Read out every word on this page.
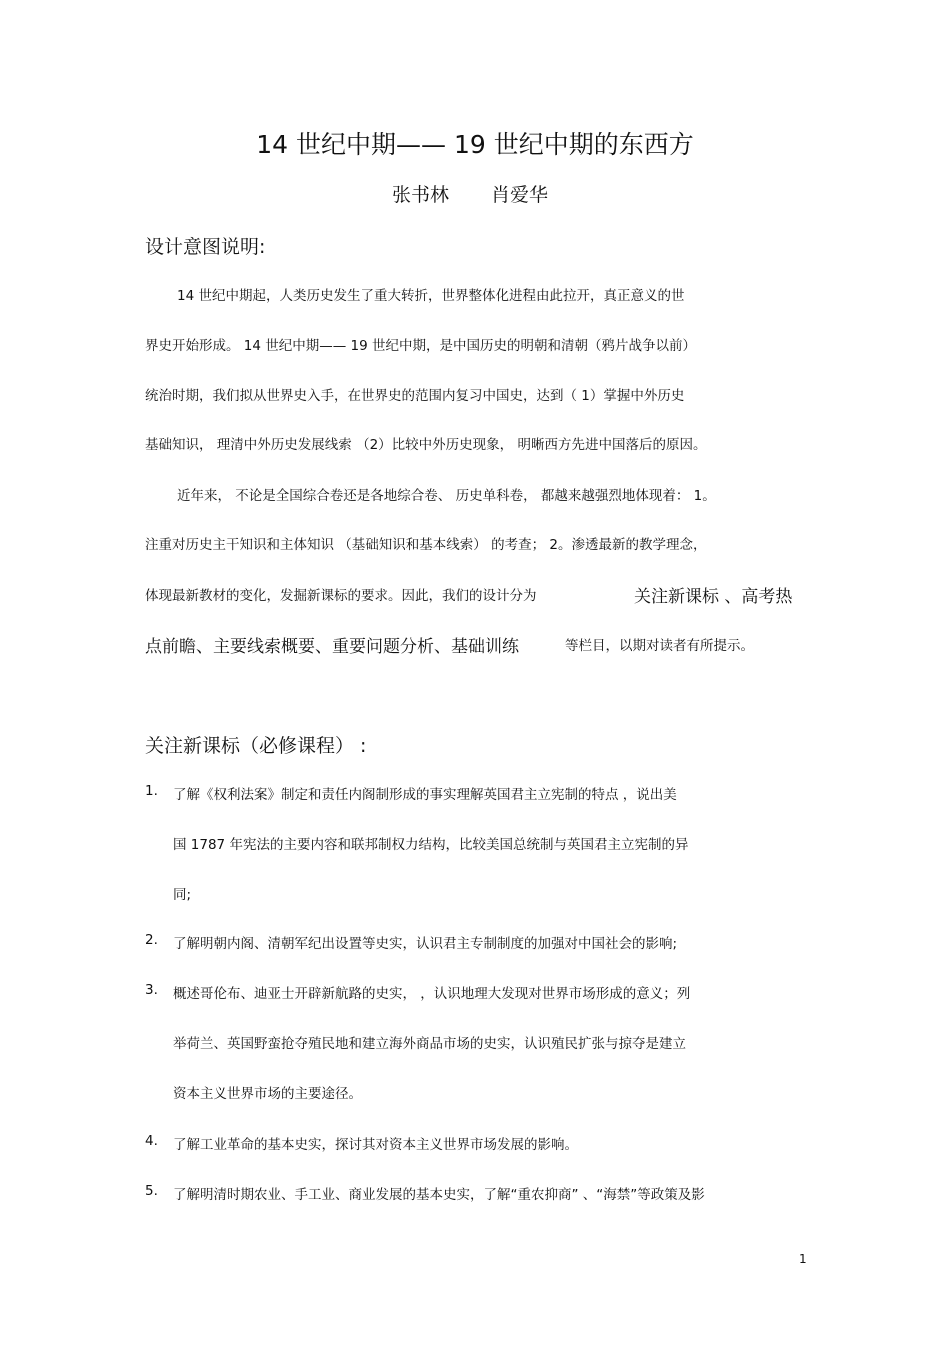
14 世纪中期—— 19 世纪中期的东西方
张书林 肖爱华
设计意图说明:
14 世纪中期起，人类历史发生了重大转折，世界整体化进程由此拉开，真正意义的世
界史开始形成。 14 世纪中期—— 19 世纪中期，是中国历史的明朝和清朝（鸦片战争以前）
统治时期，我们拟从世界史入手，在世界史的范围内复习中国史，达到（ 1）掌握中外历史
基础知识， 理清中外历史发展线索 （2）比较中外历史现象， 明晰西方先进中国落后的原因。
近年来， 不论是全国综合卷还是各地综合卷、 历史单科卷， 都越来越强烈地体现着： 1。
注重对历史主干知识和主体知识 （基础知识和基本线索） 的考查； 2。渗透最新的教学理念，
体现最新教材的变化，发掘新课标的要求。因此，我们的设计分为	关注新课标 、高考热
点前瞻、主要线索概要、重要问题分析、基础训练	等栏目，以期对读者有所提示。
关注新课标（必修课程） :
1. 了解《权利法案》制定和责任内阁制形成的事实理解英国君主立宪制的特点 ，说出美
国 1787 年宪法的主要内容和联邦制权力结构，比较美国总统制与英国君主立宪制的异
同;
2. 了解明朝内阁、清朝军纪出设置等史实，认识君主专制制度的加强对中国社会的影响;
3. 概述哥伦布、迪亚士开辟新航路的史实， ，认识地理大发现对世界市场形成的意义；列
举荷兰、英国野蛮抢夺殖民地和建立海外商品市场的史实，认识殖民扩张与掠夺是建立
资本主义世界市场的主要途径。
4. 了解工业革命的基本史实，探讨其对资本主义世界市场发展的影响。
5. 了解明清时期农业、手工业、商业发展的基本史实，了解“重农抑商” 、“海禁”等政策及影
1
